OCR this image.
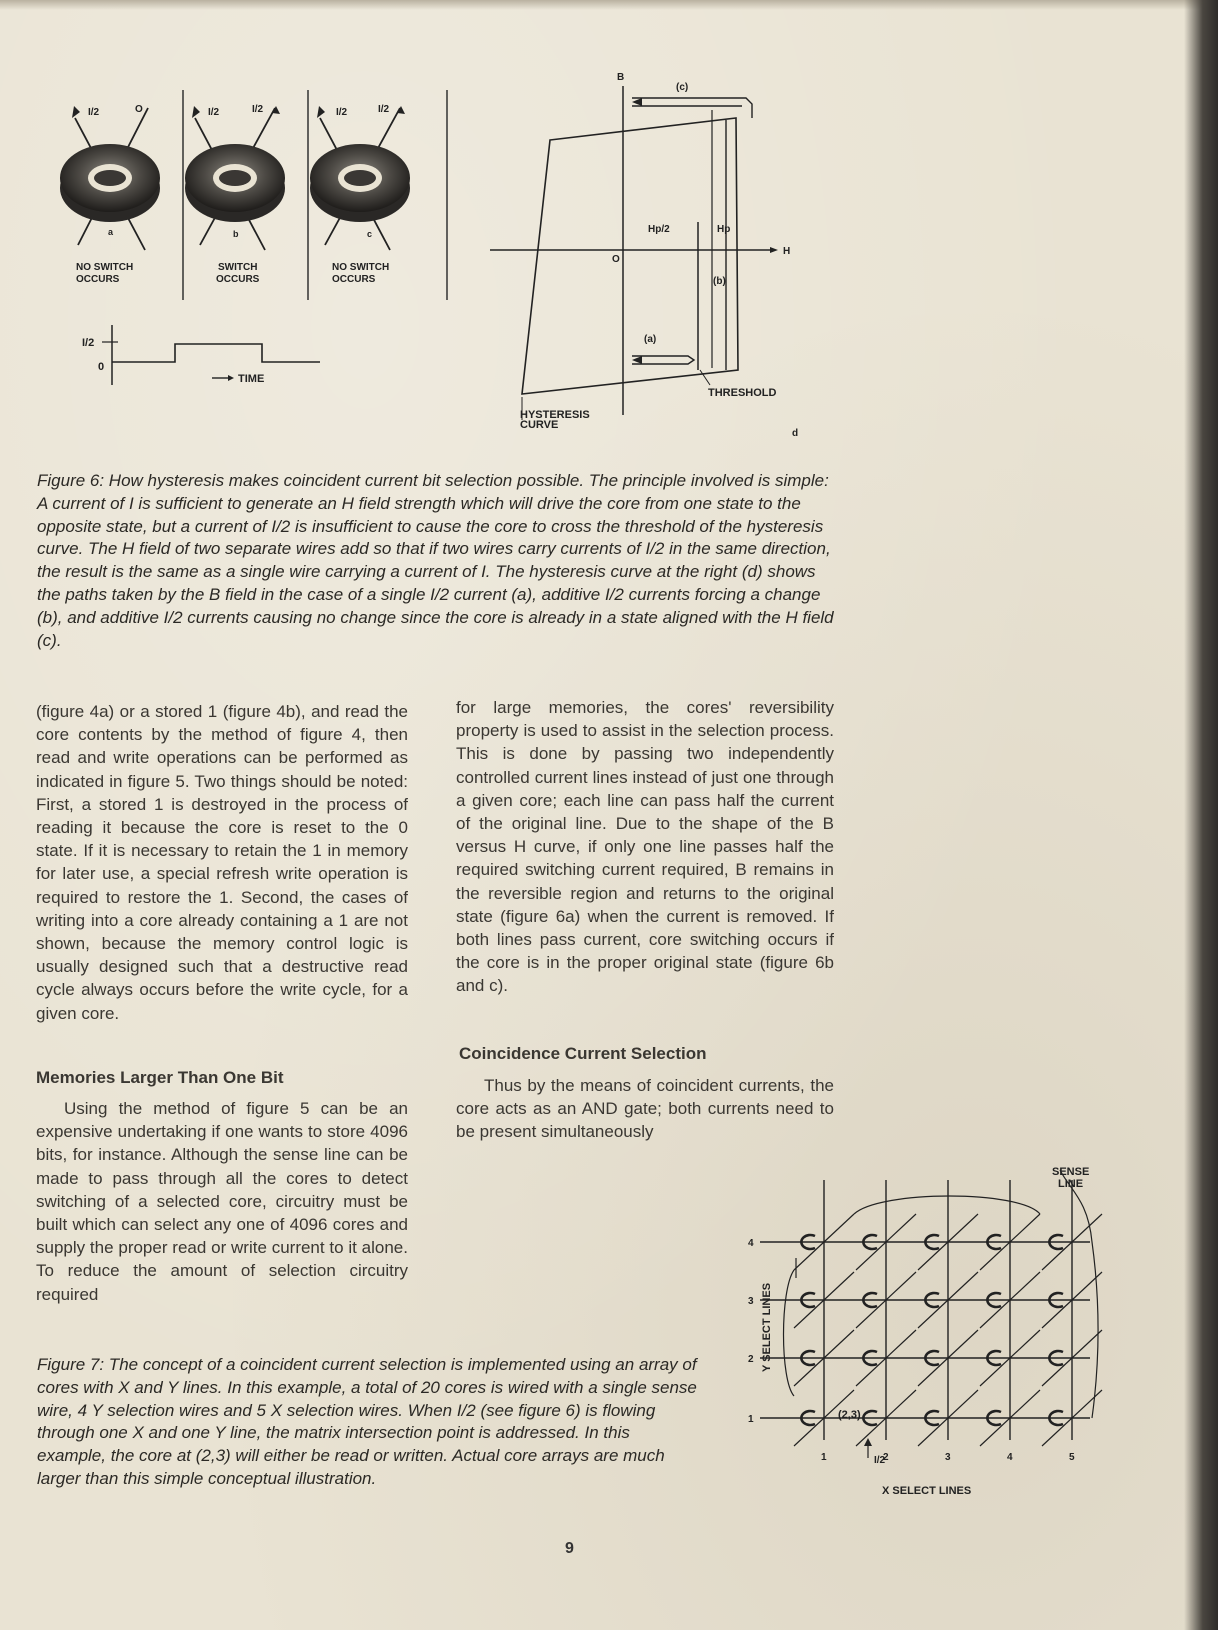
I/2	O
a
NO SWITCH
OCCURS
I/2	I/2
b
SWITCH
OCCURS
I/2	I/2
c
NO SWITCH
OCCURS
I/2
0
TIME
B
(c)
Hp/2	Hp
H
O
(b)
(a)
THRESHOLD
HYSTERESIS
CURVE
d

Figure 6: How hysteresis makes coincident current bit selection possible. The principle involved is simple: A current of I is sufficient to generate an H field strength which will drive the core from one state to the opposite state, but a current of I/2 is insufficient to cause the core to cross the threshold of the hysteresis curve. The H field of two separate wires add so that if two wires carry currents of I/2 in the same direction, the result is the same as a single wire carrying a current of I. The hysteresis curve at the right (d) shows the paths taken by the B field in the case of a single I/2 current (a), additive I/2 currents forcing a change (b), and additive I/2 currents causing no change since the core is already in a state aligned with the H field (c).

(figure 4a) or a stored 1 (figure 4b), and read the core contents by the method of figure 4, then read and write operations can be performed as indicated in figure 5. Two things should be noted: First, a stored 1 is destroyed in the process of reading it because the core is reset to the 0 state. If it is necessary to retain the 1 in memory for later use, a special refresh write operation is required to restore the 1. Second, the cases of writing into a core already containing a 1 are not shown, because the memory control logic is usually designed such that a destructive read cycle always occurs before the write cycle, for a given core.

Memories Larger Than One Bit

Using the method of figure 5 can be an expensive undertaking if one wants to store 4096 bits, for instance. Although the sense line can be made to pass through all the cores to detect switching of a selected core, circuitry must be built which can select any one of 4096 cores and supply the proper read or write current to it alone. To reduce the amount of selection circuitry required

for large memories, the cores' reversibility property is used to assist in the selection process. This is done by passing two independently controlled current lines instead of just one through a given core; each line can pass half the current of the original line. Due to the shape of the B versus H curve, if only one line passes half the required switching current required, B remains in the reversible region and returns to the original state (figure 6a) when the current is removed. If both lines pass current, core switching occurs if the core is in the proper original state (figure 6b and c).

Coincidence Current Selection

Thus by the means of coincident currents, the core acts as an AND gate; both currents need to be present simultaneously

Figure 7: The concept of a coincident current selection is implemented using an array of cores with X and Y lines. In this example, a total of 20 cores is wired with a single sense wire, 4 Y selection wires and 5 X selection wires. When I/2 (see figure 6) is flowing through one X and one Y line, the matrix intersection point is addressed. In this example, the core at (2,3) will either be read or written. Actual core arrays are much larger than this simple conceptual illustration.

4
3
2
1
1	2	3	4	5
SENSE
LINE
Y SELECT LINES
X SELECT LINES
(2,3)
I/2
9
